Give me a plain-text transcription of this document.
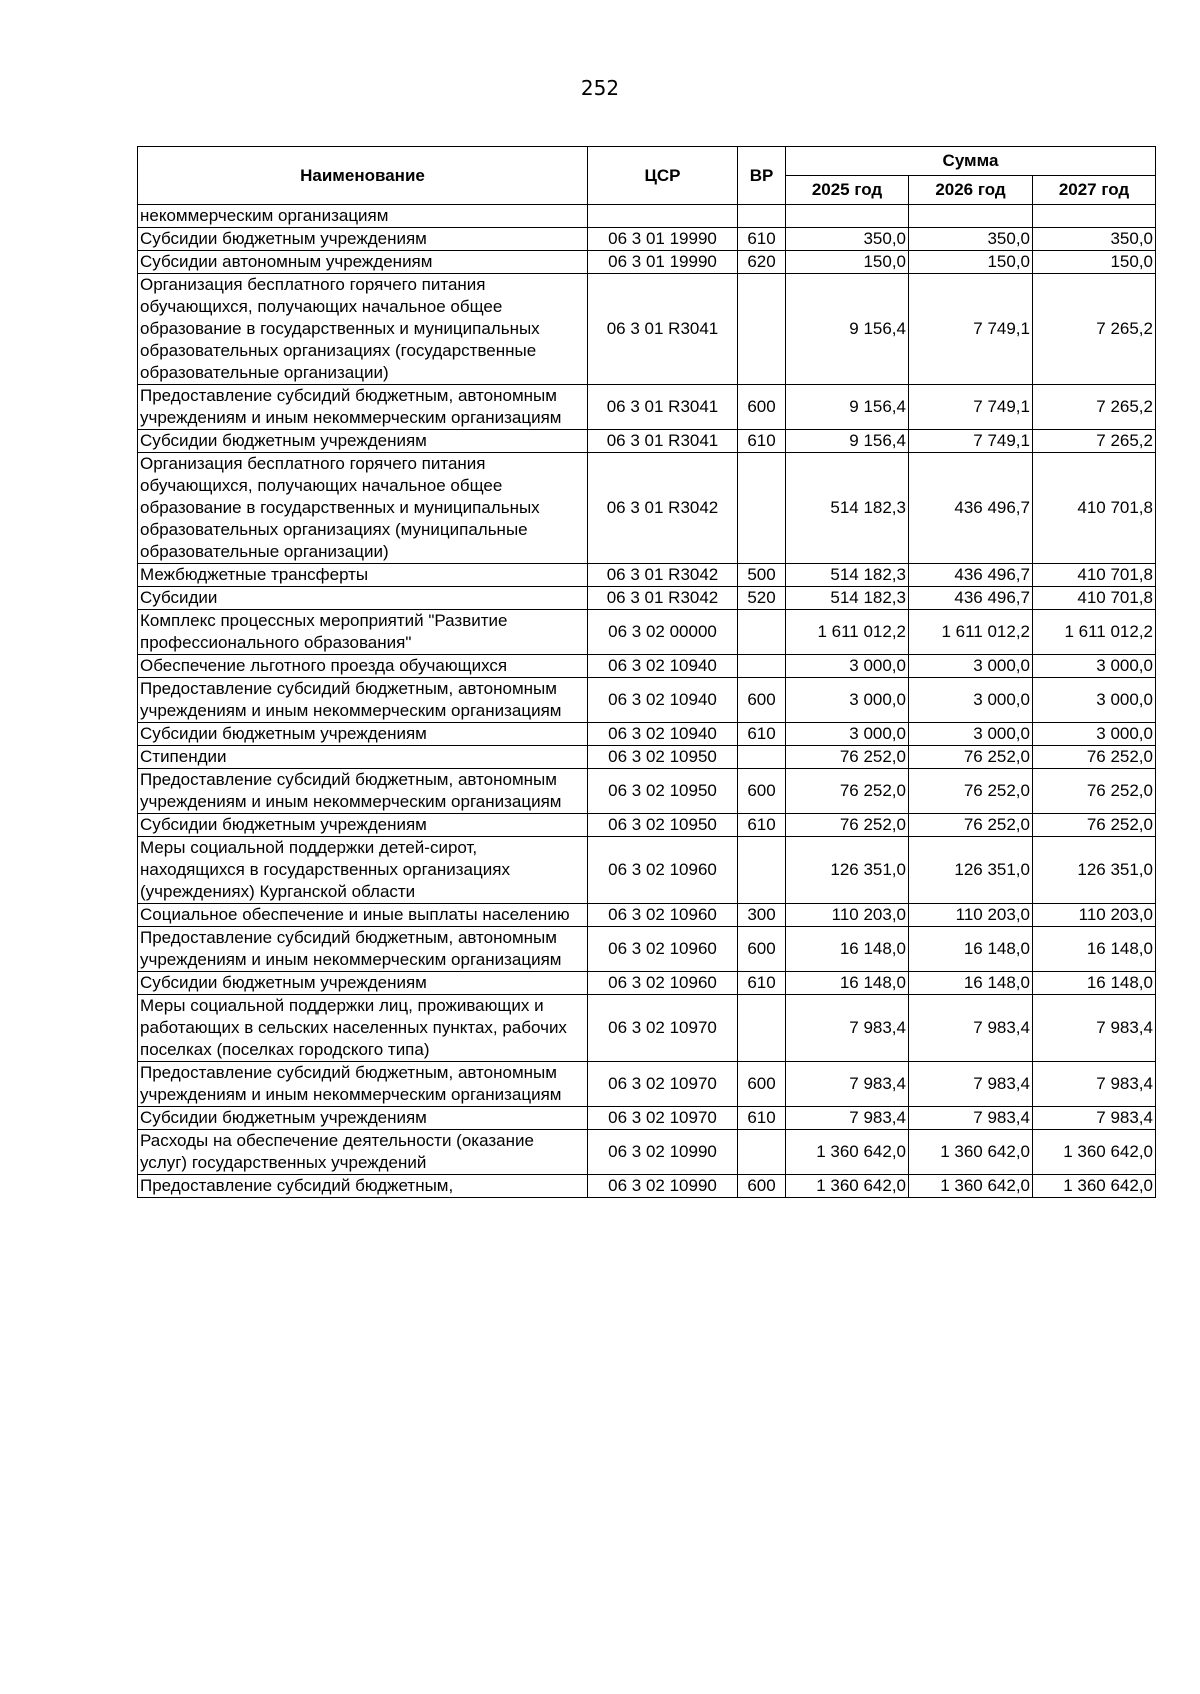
252
Наименование	ЦСР	ВР	Сумма		
			2025 год	2026 год	2027 год
некоммерческим организациям					
Субсидии бюджетным учреждениям	06 3 01 19990	610	350,0	350,0	350,0
Субсидии автономным учреждениям	06 3 01 19990	620	150,0	150,0	150,0
Организация бесплатного горячего питания обучающихся, получающих начальное общее образование в государственных и муниципальных образовательных организациях (государственные образовательные организации)	06 3 01 R3041		9 156,4	7 749,1	7 265,2
Предоставление субсидий бюджетным, автономным учреждениям и иным некоммерческим организациям	06 3 01 R3041	600	9 156,4	7 749,1	7 265,2
Субсидии бюджетным учреждениям	06 3 01 R3041	610	9 156,4	7 749,1	7 265,2
Организация бесплатного горячего питания обучающихся, получающих начальное общее образование в государственных и муниципальных образовательных организациях (муниципальные образовательные организации)	06 3 01 R3042		514 182,3	436 496,7	410 701,8
Межбюджетные трансферты	06 3 01 R3042	500	514 182,3	436 496,7	410 701,8
Субсидии	06 3 01 R3042	520	514 182,3	436 496,7	410 701,8
Комплекс процессных мероприятий "Развитие профессионального образования"	06 3 02 00000		1 611 012,2	1 611 012,2	1 611 012,2
Обеспечение льготного проезда обучающихся	06 3 02 10940		3 000,0	3 000,0	3 000,0
Предоставление субсидий бюджетным, автономным учреждениям и иным некоммерческим организациям	06 3 02 10940	600	3 000,0	3 000,0	3 000,0
Субсидии бюджетным учреждениям	06 3 02 10940	610	3 000,0	3 000,0	3 000,0
Стипендии	06 3 02 10950		76 252,0	76 252,0	76 252,0
Предоставление субсидий бюджетным, автономным учреждениям и иным некоммерческим организациям	06 3 02 10950	600	76 252,0	76 252,0	76 252,0
Субсидии бюджетным учреждениям	06 3 02 10950	610	76 252,0	76 252,0	76 252,0
Меры социальной поддержки детей-сирот, находящихся в государственных организациях (учреждениях) Курганской области	06 3 02 10960		126 351,0	126 351,0	126 351,0
Социальное обеспечение и иные выплаты населению	06 3 02 10960	300	110 203,0	110 203,0	110 203,0
Предоставление субсидий бюджетным, автономным учреждениям и иным некоммерческим организациям	06 3 02 10960	600	16 148,0	16 148,0	16 148,0
Субсидии бюджетным учреждениям	06 3 02 10960	610	16 148,0	16 148,0	16 148,0
Меры социальной поддержки лиц, проживающих и работающих в сельских населенных пунктах, рабочих поселках (поселках городского типа)	06 3 02 10970		7 983,4	7 983,4	7 983,4
Предоставление субсидий бюджетным, автономным учреждениям и иным некоммерческим организациям	06 3 02 10970	600	7 983,4	7 983,4	7 983,4
Субсидии бюджетным учреждениям	06 3 02 10970	610	7 983,4	7 983,4	7 983,4
Расходы на обеспечение деятельности (оказание услуг) государственных учреждений	06 3 02 10990		1 360 642,0	1 360 642,0	1 360 642,0
Предоставление субсидий бюджетным,	06 3 02 10990	600	1 360 642,0	1 360 642,0	1 360 642,0
